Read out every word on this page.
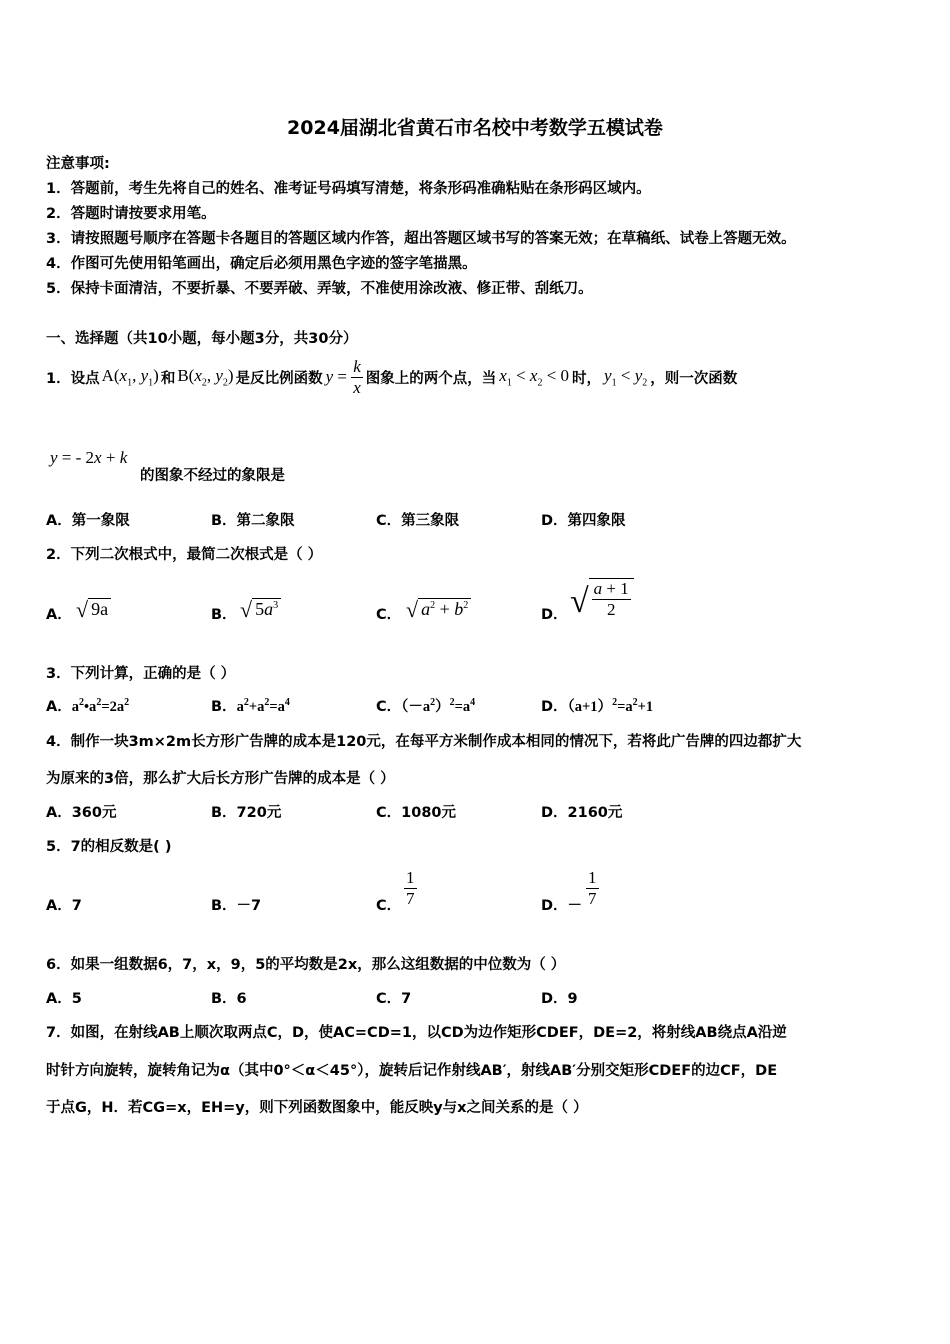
2024届湖北省黄石市名校中考数学五模试卷
注意事项:
1．答题前，考生先将自己的姓名、准考证号码填写清楚，将条形码准确粘贴在条形码区域内。
2．答题时请按要求用笔。
3．请按照题号顺序在答题卡各题目的答题区域内作答，超出答题区域书写的答案无效；在草稿纸、试卷上答题无效。
4．作图可先使用铅笔画出，确定后必须用黑色字迹的签字笔描黑。
5．保持卡面清洁，不要折暴、不要弄破、弄皱，不准使用涂改液、修正带、刮纸刀。
一、选择题（共10小题，每小题3分，共30分）
1．设点 $A(x_1$, $y_1$) 和 $B(x_2$, $y_2$) 是反比例函数 $y = \frac{k}{x}$ 图象上的两个点，当 $x_1 < x_2 < 0$ 时， $y_1 < y_2$ ，则一次函数
y = - 2x + k
的图象不经过的象限是
A．第一象限	B．第二象限	C．第三象限	D．第四象限
2．下列二次根式中，最简二次根式是（ ）
A． √ 9a	B． √ $5a^3$
C． √ $a^2 + b^2$
D． √ $\frac{a + 1}{2}$
3．下列计算，正确的是（ ）
A．$a^2•a^2=2a^2$	B．$a^2+a^2=a^4$	C．$(-a^2)^2=a^4$	D．$(a+1)^2=a^2+1$
4．制作一块3m×2m长方形广告牌的成本是120元，在每平方米制作成本相同的情况下，若将此广告牌的四边都扩大
为原来的3倍，那么扩大后长方形广告牌的成本是（ ）
A．360元	B．720元	C．1080元	D．2160元
5．7的相反数是( )
A．7	B．－7	C． $\frac{1}{7}$	D．－ $\frac{1}{7}$
6．如果一组数据6，7，x，9，5的平均数是2x，那么这组数据的中位数为（ ）
A．5	B．6	C．7	D．9
7．如图，在射线AB上顺次取两点C，D，使AC=CD=1，以CD为边作矩形CDEF，DE=2，将射线AB绕点A沿逆
时针方向旋转，旋转角记为α（其中0°＜α＜45°），旋转后记作射线AB′，射线AB′分别交矩形CDEF的边CF，DE
于点G，H．若CG=x，EH=y，则下列函数图象中，能反映y与x之间关系的是（ ）
